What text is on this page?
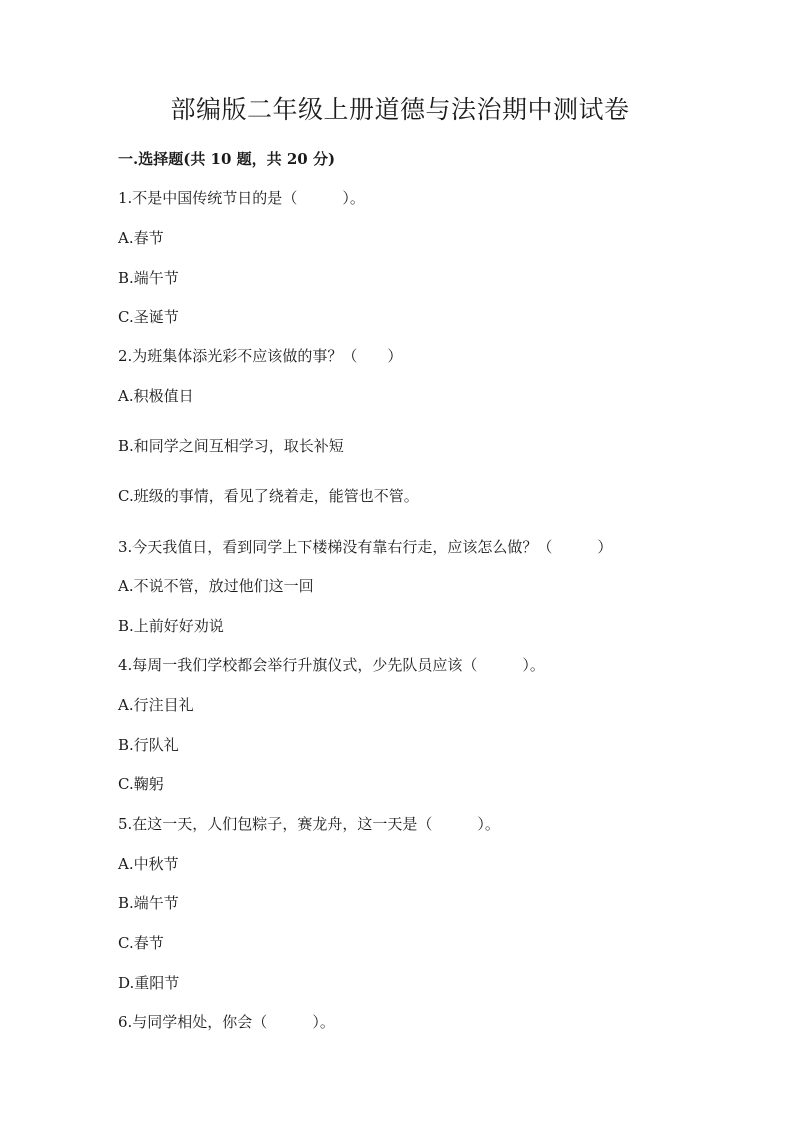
部编版二年级上册道德与法治期中测试卷
一.选择题(共 10 题，共 20 分)
1.不是中国传统节日的是（　　　）。
A.春节
B.端午节
C.圣诞节
2.为班集体添光彩不应该做的事？（　　）
A.积极值日
B.和同学之间互相学习，取长补短
C.班级的事情，看见了绕着走，能管也不管。
3.今天我值日，看到同学上下楼梯没有靠右行走，应该怎么做？（　　　）
A.不说不管，放过他们这一回
B.上前好好劝说
4.每周一我们学校都会举行升旗仪式，少先队员应该（　　　）。
A.行注目礼
B.行队礼
C.鞠躬
5.在这一天，人们包粽子，赛龙舟，这一天是（　　　）。
A.中秋节
B.端午节
C.春节
D.重阳节
6.与同学相处，你会（　　　）。
